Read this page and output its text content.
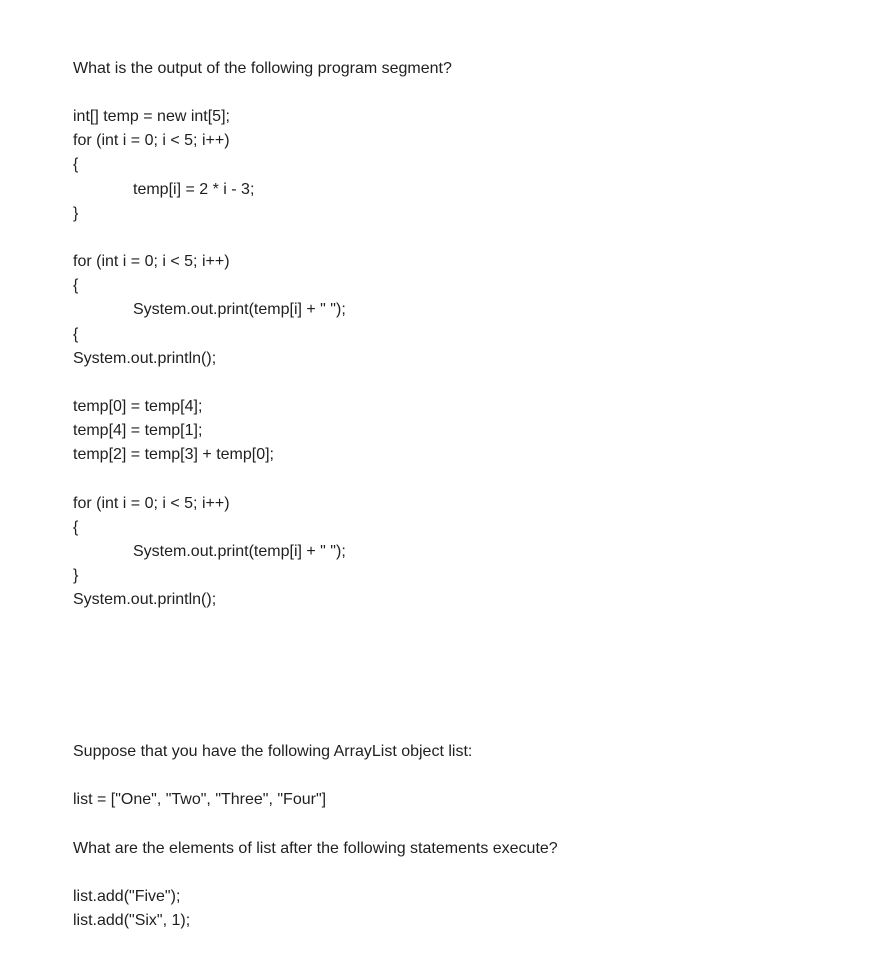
What is the output of the following program segment?
int[] temp = new int[5];
for (int i = 0; i < 5; i++)
{
temp[i] = 2 * i - 3;
}
for (int i = 0; i < 5; i++)
{
System.out.print(temp[i] + " ");
{
System.out.println();
temp[0] = temp[4];
temp[4] = temp[1];
temp[2] = temp[3] + temp[0];
for (int i = 0; i < 5; i++)
{
System.out.print(temp[i] + " ");
}
System.out.println();
Suppose that you have the following ArrayList object list:
list = ["One", "Two", "Three", "Four"]
What are the elements of list after the following statements execute?
list.add("Five");
list.add("Six", 1);
